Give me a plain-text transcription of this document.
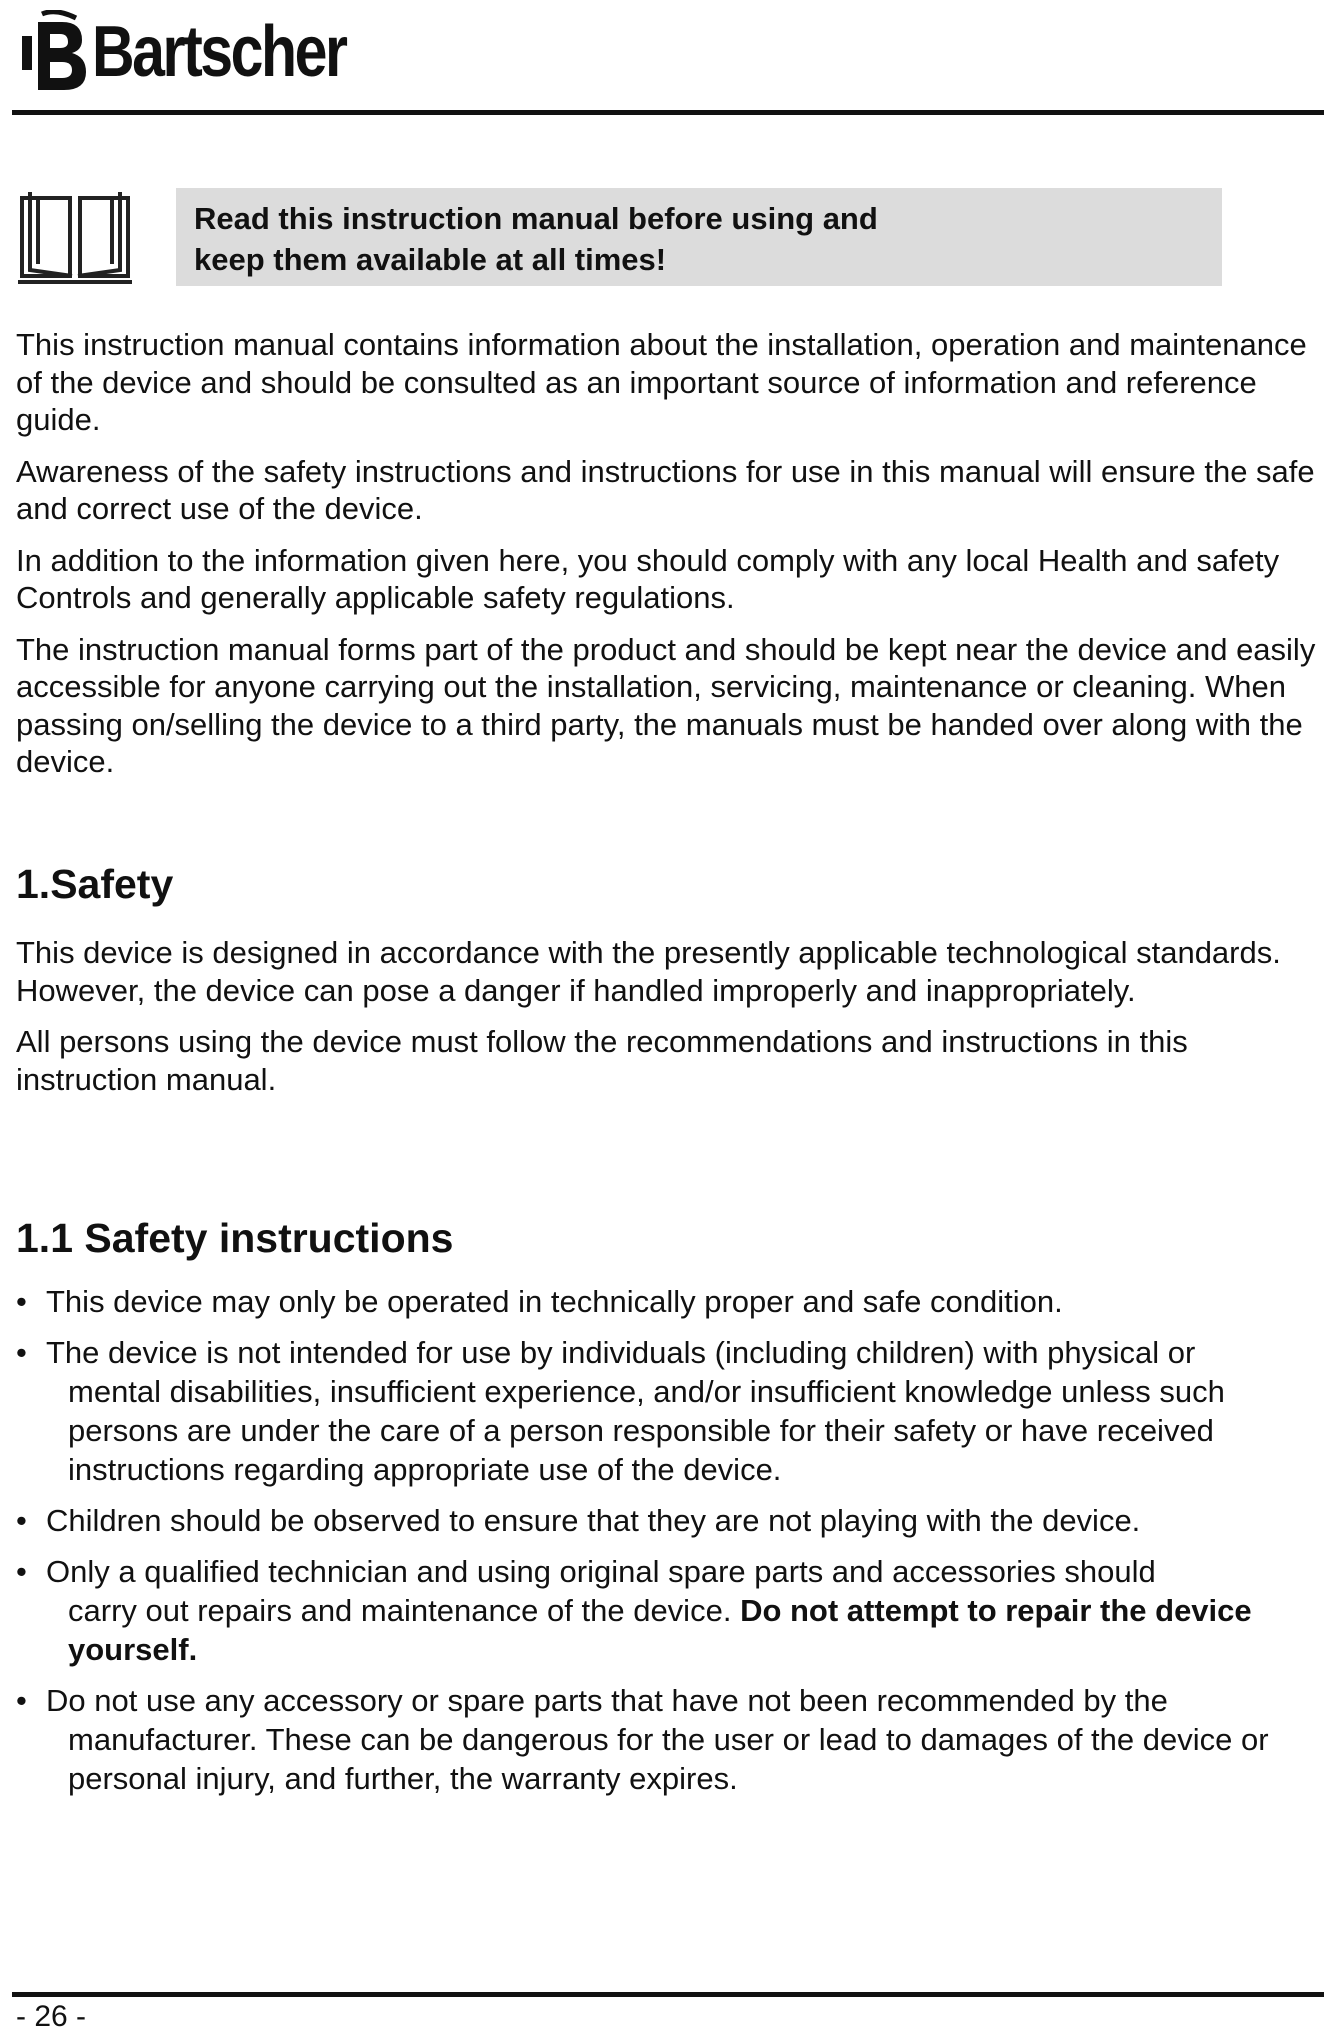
Bartscher
Read this instruction manual before using and
keep them available at all times!

This instruction manual contains information about the installation, operation and maintenance of the device and should be consulted as an important source of information and reference guide.

Awareness of the safety instructions and instructions for use in this manual will ensure the safe and correct use of the device.

In addition to the information given here, you should comply with any local Health and safety Controls and generally applicable safety regulations.

The instruction manual forms part of the product and should be kept near the device and easily accessible for anyone carrying out the installation, servicing, maintenance or cleaning. When passing on/selling the device to a third party, the manuals must be handed over along with the device.

1.Safety

This device is designed in accordance with the presently applicable technological standards. However, the device can pose a danger if handled improperly and inappropriately.

All persons using the device must follow the recommendations and instructions in this instruction manual.

1.1 Safety instructions
• This device may only be operated in technically proper and safe condition.
• The device is not intended for use by individuals (including children) with physical or
mental disabilities, insufficient experience, and/or insufficient knowledge unless such persons are under the care of a person responsible for their safety or have received instructions regarding appropriate use of the device.
• Children should be observed to ensure that they are not playing with the device.
• Only a qualified technician and using original spare parts and accessories should
carry out repairs and maintenance of the device. Do not attempt to repair the device yourself.
• Do not use any accessory or spare parts that have not been recommended by the
manufacturer. These can be dangerous for the user or lead to damages of the device or personal injury, and further, the warranty expires.
- 26 -
